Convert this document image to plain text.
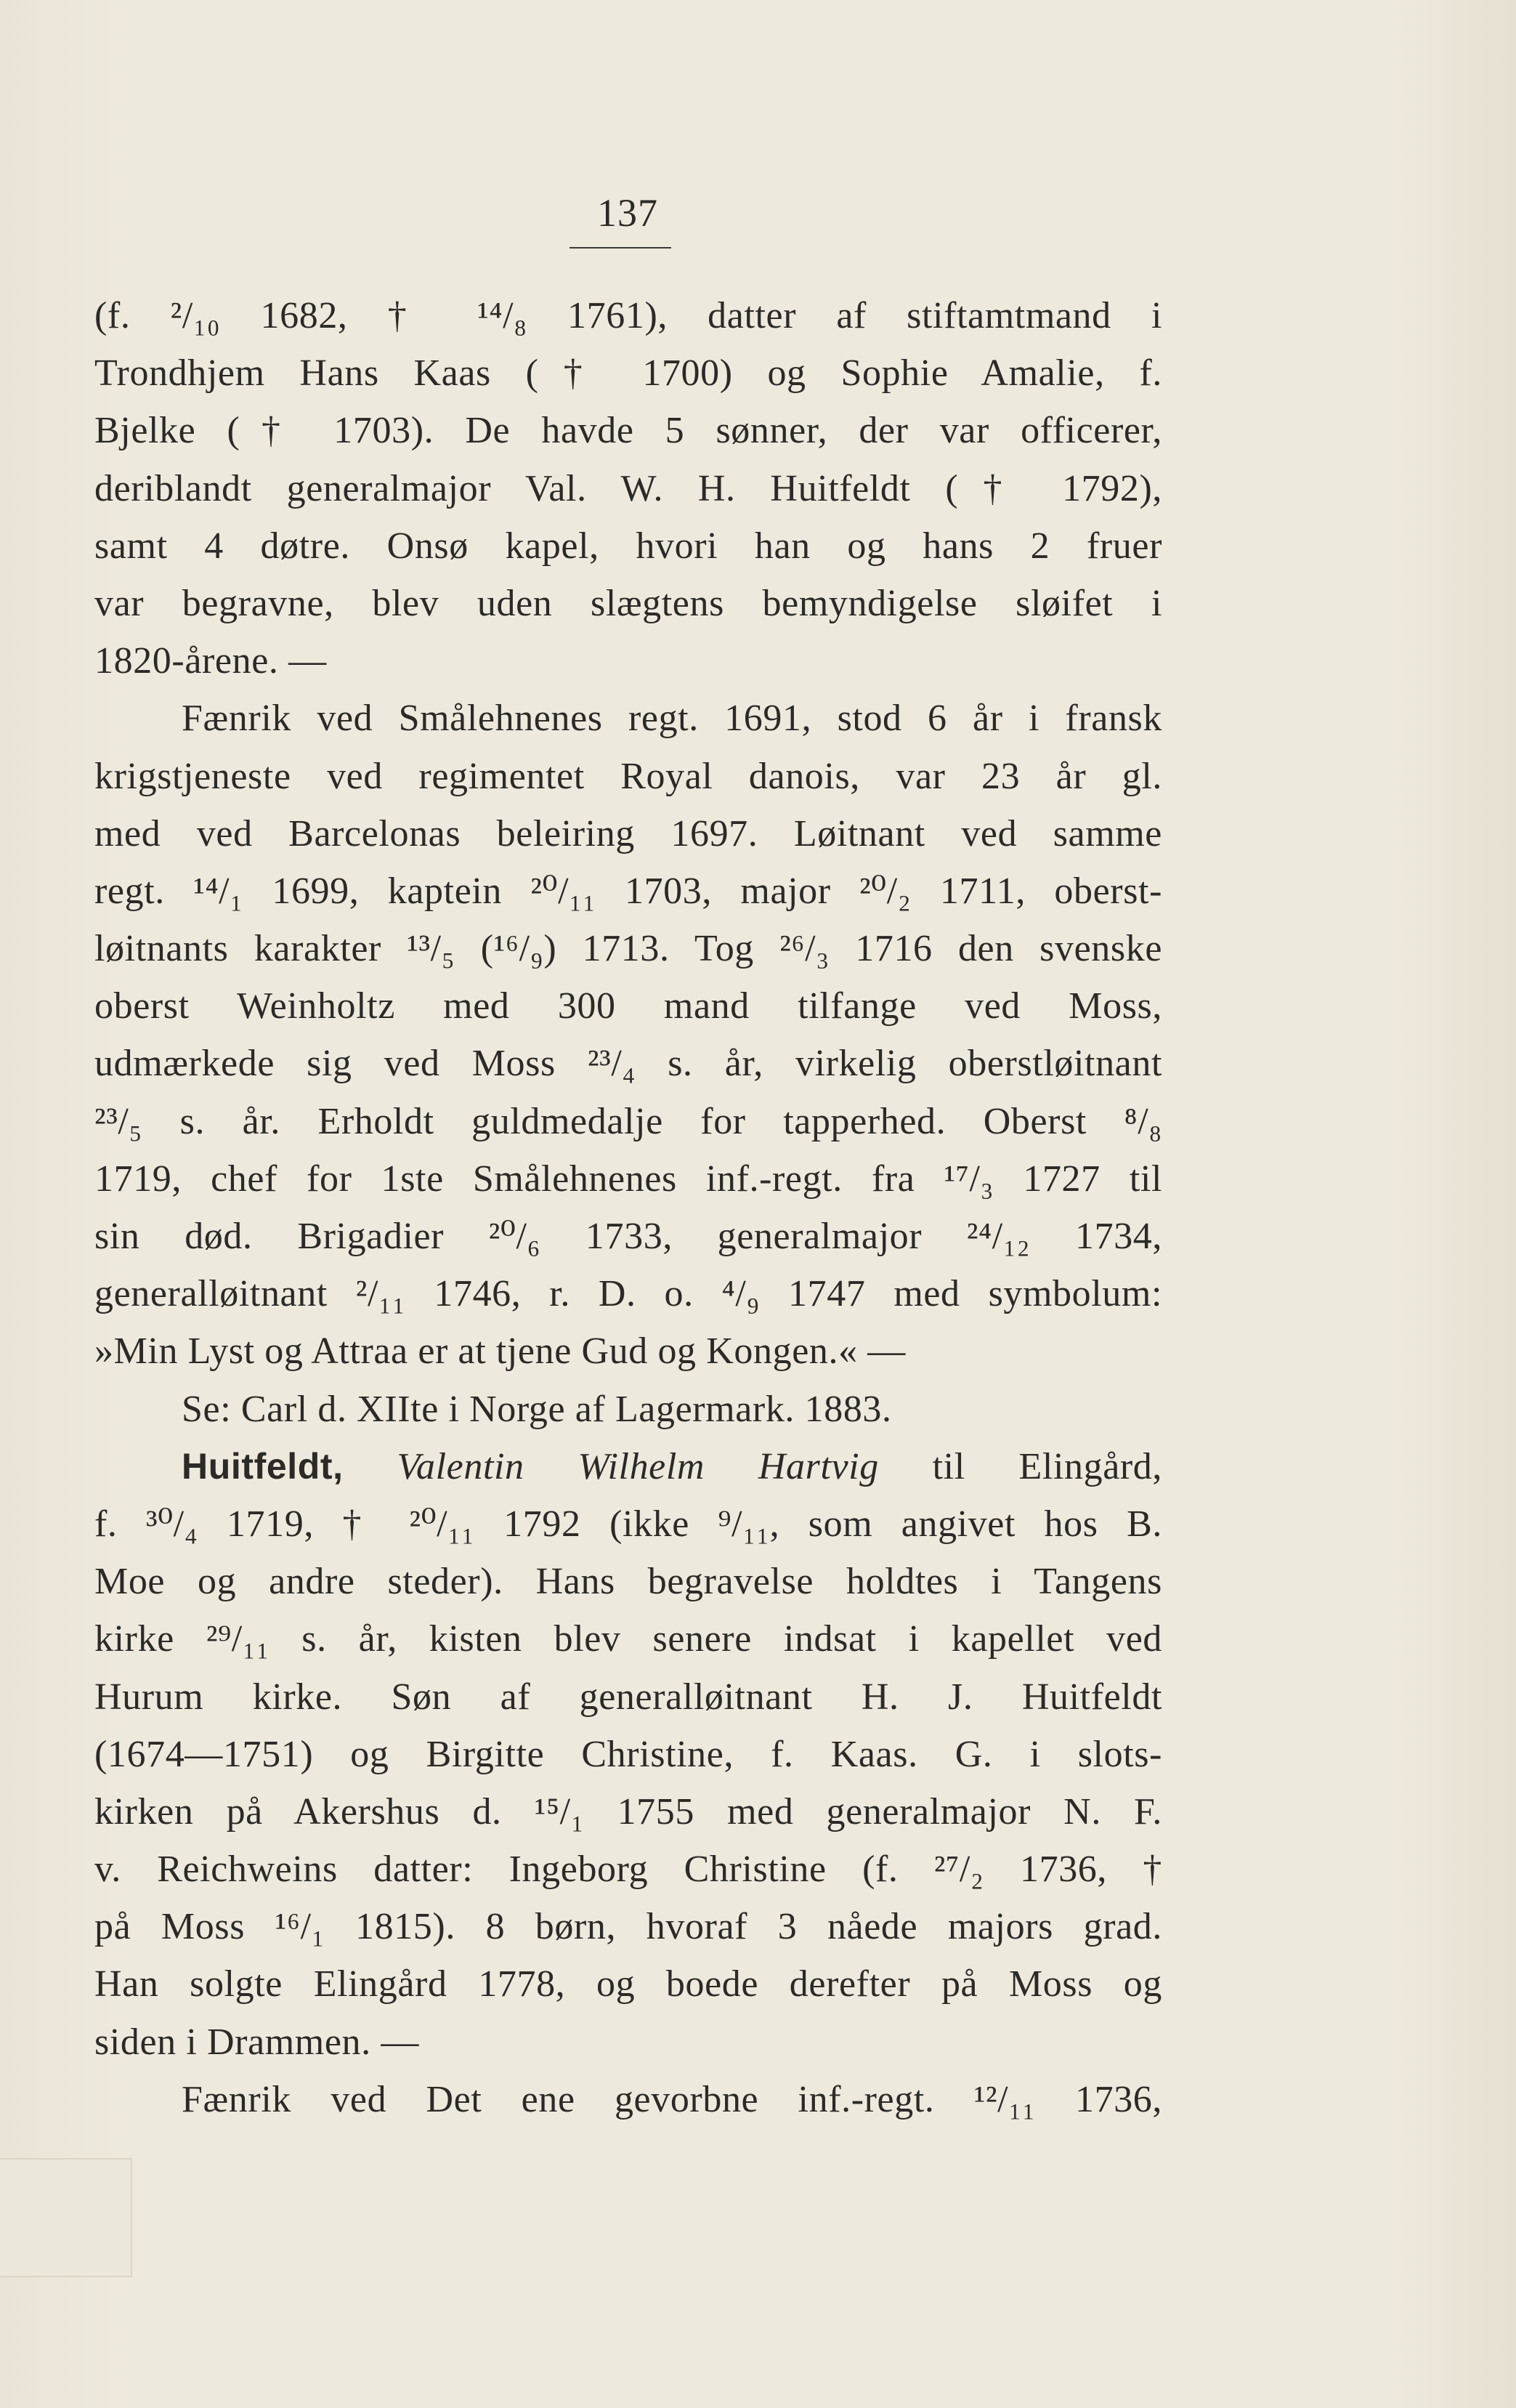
137
(f. ²/₁₀ 1682, † ¹⁴/₈ 1761), datter af stiftamtmand i
Trondhjem Hans Kaas († 1700) og Sophie Amalie, f.
Bjelke († 1703). De havde 5 sønner, der var officerer,
deriblandt generalmajor Val. W. H. Huitfeldt († 1792),
samt 4 døtre. Onsø kapel, hvori han og hans 2 fruer
var begravne, blev uden slægtens bemyndigelse sløifet i
1820-årene. —
Fænrik ved Smålehnenes regt. 1691, stod 6 år i fransk
krigstjeneste ved regimentet Royal danois, var 23 år gl.
med ved Barcelonas beleiring 1697. Løitnant ved samme
regt. ¹⁴/₁ 1699, kaptein ²⁰/₁₁ 1703, major ²⁰/₂ 1711, oberst-
løitnants karakter ¹³/₅ (¹⁶/₉) 1713. Tog ²⁶/₃ 1716 den svenske
oberst Weinholtz med 300 mand tilfange ved Moss,
udmærkede sig ved Moss ²³/₄ s. år, virkelig oberstløitnant
²³/₅ s. år. Erholdt guldmedalje for tapperhed. Oberst ⁸/₈
1719, chef for 1ste Smålehnenes inf.-regt. fra ¹⁷/₃ 1727 til
sin død. Brigadier ²⁰/₆ 1733, generalmajor ²⁴/₁₂ 1734,
generalløitnant ²/₁₁ 1746, r. D. o. ⁴/₉ 1747 med symbolum:
»Min Lyst og Attraa er at tjene Gud og Kongen.« —
Se: Carl d. XIIte i Norge af Lagermark. 1883.
Huitfeldt, Valentin Wilhelm Hartvig til Elingård,
f. ³⁰/₄ 1719, † ²⁰/₁₁ 1792 (ikke ⁹/₁₁, som angivet hos B.
Moe og andre steder). Hans begravelse holdtes i Tangens
kirke ²⁹/₁₁ s. år, kisten blev senere indsat i kapellet ved
Hurum kirke. Søn af generalløitnant H. J. Huitfeldt
(1674—1751) og Birgitte Christine, f. Kaas. G. i slots-
kirken på Akershus d. ¹⁵/₁ 1755 med generalmajor N. F.
v. Reichweins datter: Ingeborg Christine (f. ²⁷/₂ 1736, †
på Moss ¹⁶/₁ 1815). 8 børn, hvoraf 3 nåede majors grad.
Han solgte Elingård 1778, og boede derefter på Moss og
siden i Drammen. —
Fænrik ved Det ene gevorbne inf.-regt. ¹²/₁₁ 1736,
